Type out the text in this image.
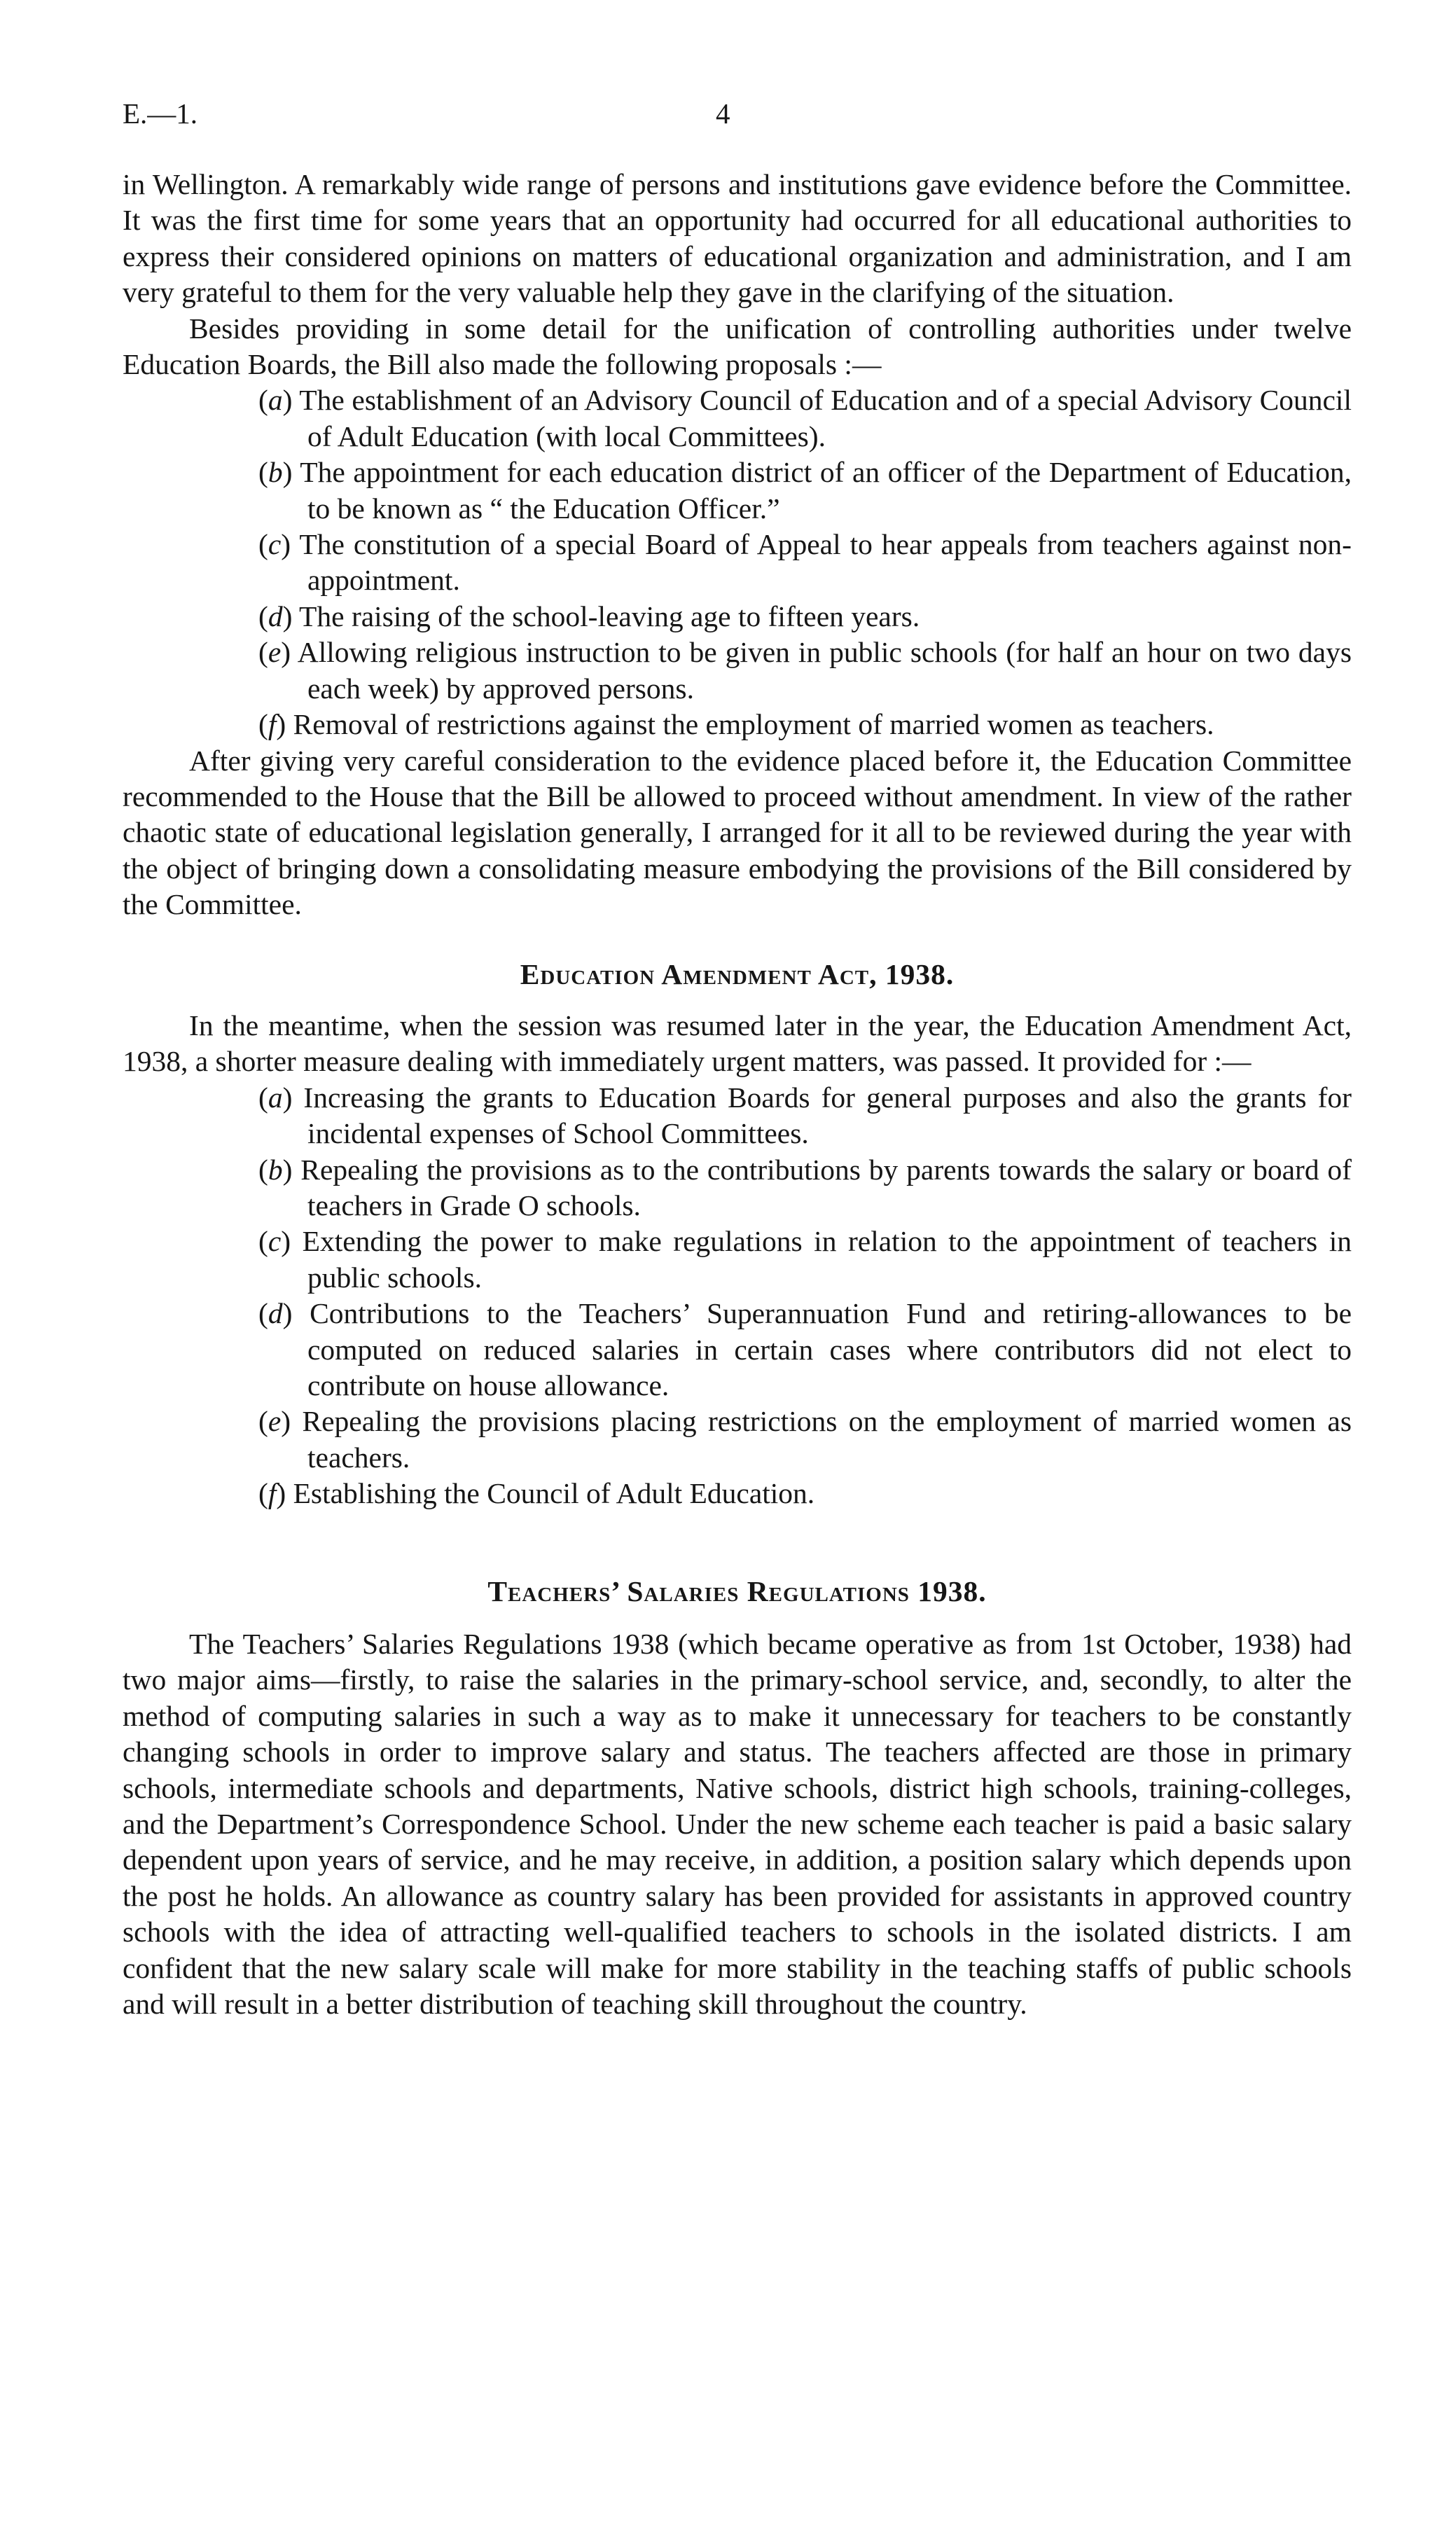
E.—1.	4

in Wellington. A remarkably wide range of persons and institutions gave evidence before the Committee. It was the first time for some years that an opportunity had occurred for all educational authorities to express their considered opinions on matters of educational organization and administration, and I am very grateful to them for the very valuable help they gave in the clarifying of the situation.

Besides providing in some detail for the unification of controlling authorities under twelve Education Boards, the Bill also made the following proposals :—

(a) The establishment of an Advisory Council of Education and of a special Advisory Council of Adult Education (with local Committees).
(b) The appointment for each education district of an officer of the Department of Education, to be known as “ the Education Officer.”
(c) The constitution of a special Board of Appeal to hear appeals from teachers against non-appointment.
(d) The raising of the school-leaving age to fifteen years.
(e) Allowing religious instruction to be given in public schools (for half an hour on two days each week) by approved persons.
(f) Removal of restrictions against the employment of married women as teachers.

After giving very careful consideration to the evidence placed before it, the Education Committee recommended to the House that the Bill be allowed to proceed without amendment. In view of the rather chaotic state of educational legislation generally, I arranged for it all to be reviewed during the year with the object of bringing down a consolidating measure embodying the provisions of the Bill considered by the Committee.

Education Amendment Act, 1938.

In the meantime, when the session was resumed later in the year, the Education Amendment Act, 1938, a shorter measure dealing with immediately urgent matters, was passed. It provided for :—

(a) Increasing the grants to Education Boards for general purposes and also the grants for incidental expenses of School Committees.
(b) Repealing the provisions as to the contributions by parents towards the salary or board of teachers in Grade O schools.
(c) Extending the power to make regulations in relation to the appointment of teachers in public schools.
(d) Contributions to the Teachers’ Superannuation Fund and retiring-allowances to be computed on reduced salaries in certain cases where contributors did not elect to contribute on house allowance.
(e) Repealing the provisions placing restrictions on the employment of married women as teachers.
(f) Establishing the Council of Adult Education.
Teachers’ Salaries Regulations 1938.

The Teachers’ Salaries Regulations 1938 (which became operative as from 1st October, 1938) had two major aims—firstly, to raise the salaries in the primary-school service, and, secondly, to alter the method of computing salaries in such a way as to make it unnecessary for teachers to be constantly changing schools in order to improve salary and status. The teachers affected are those in primary schools, intermediate schools and departments, Native schools, district high schools, training-colleges, and the Department’s Correspondence School. Under the new scheme each teacher is paid a basic salary dependent upon years of service, and he may receive, in addition, a position salary which depends upon the post he holds. An allowance as country salary has been provided for assistants in approved country schools with the idea of attracting well-qualified teachers to schools in the isolated districts. I am confident that the new salary scale will make for more stability in the teaching staffs of public schools and will result in a better distribution of teaching skill throughout the country.
